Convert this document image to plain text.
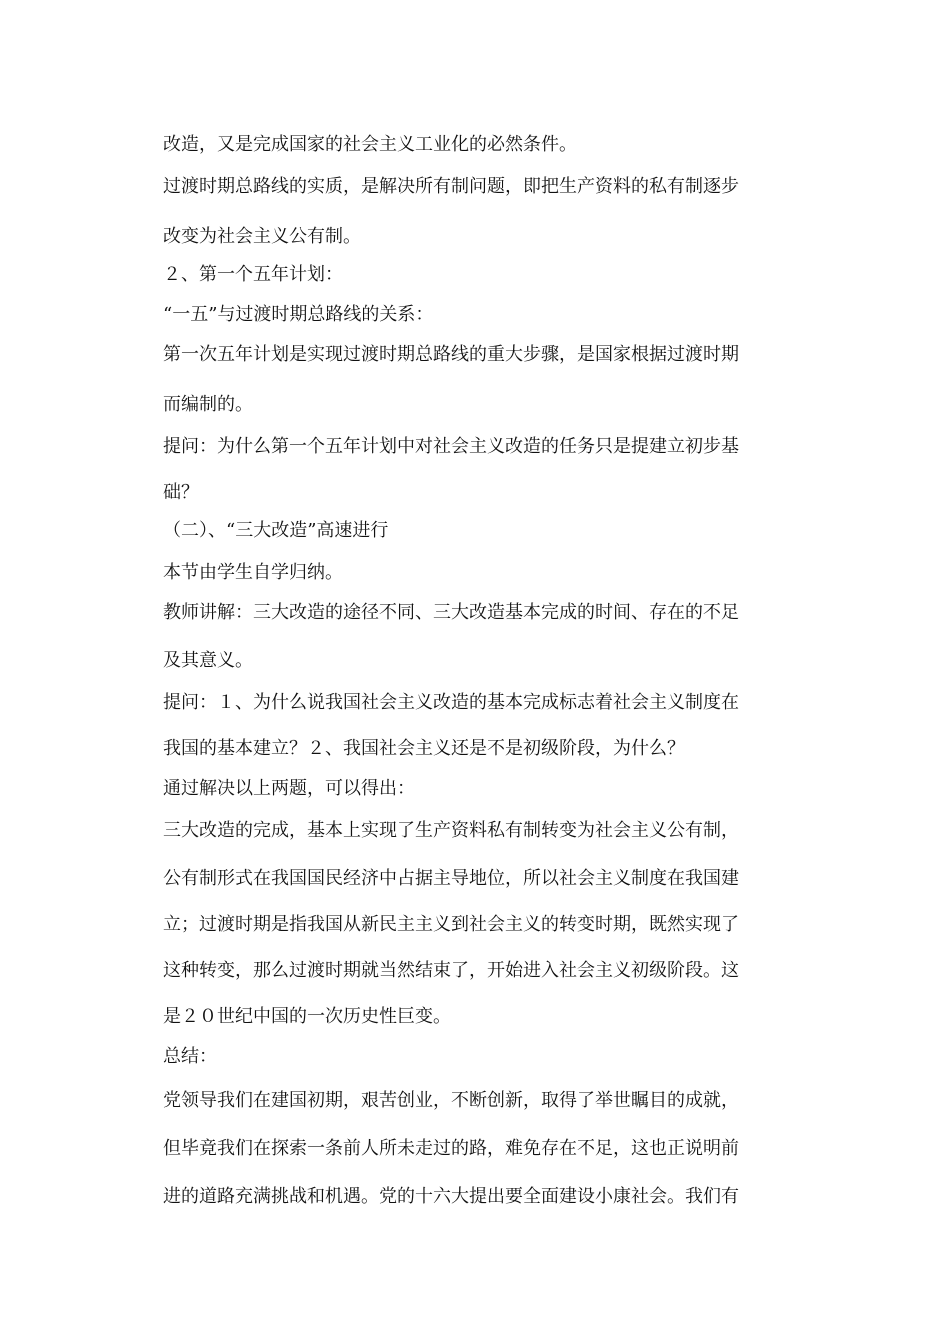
改造，又是完成国家的社会主义工业化的必然条件。
过渡时期总路线的实质，是解决所有制问题，即把生产资料的私有制逐步
改变为社会主义公有制。
２、第一个五年计划：
“一五”与过渡时期总路线的关系：
第一次五年计划是实现过渡时期总路线的重大步骤，是国家根据过渡时期
而编制的。
提问：为什么第一个五年计划中对社会主义改造的任务只是提建立初步基
础？
（二）、“三大改造”高速进行
本节由学生自学归纳。
教师讲解：三大改造的途径不同、三大改造基本完成的时间、存在的不足
及其意义。
提问：１、为什么说我国社会主义改造的基本完成标志着社会主义制度在
我国的基本建立？２、我国社会主义还是不是初级阶段，为什么？
通过解决以上两题，可以得出：
三大改造的完成，基本上实现了生产资料私有制转变为社会主义公有制，
公有制形式在我国国民经济中占据主导地位，所以社会主义制度在我国建
立；过渡时期是指我国从新民主主义到社会主义的转变时期，既然实现了
这种转变，那么过渡时期就当然结束了，开始进入社会主义初级阶段。这
是２０世纪中国的一次历史性巨变。
总结：
党领导我们在建国初期，艰苦创业，不断创新，取得了举世瞩目的成就，
但毕竟我们在探索一条前人所未走过的路，难免存在不足，这也正说明前
进的道路充满挑战和机遇。党的十六大提出要全面建设小康社会。我们有
